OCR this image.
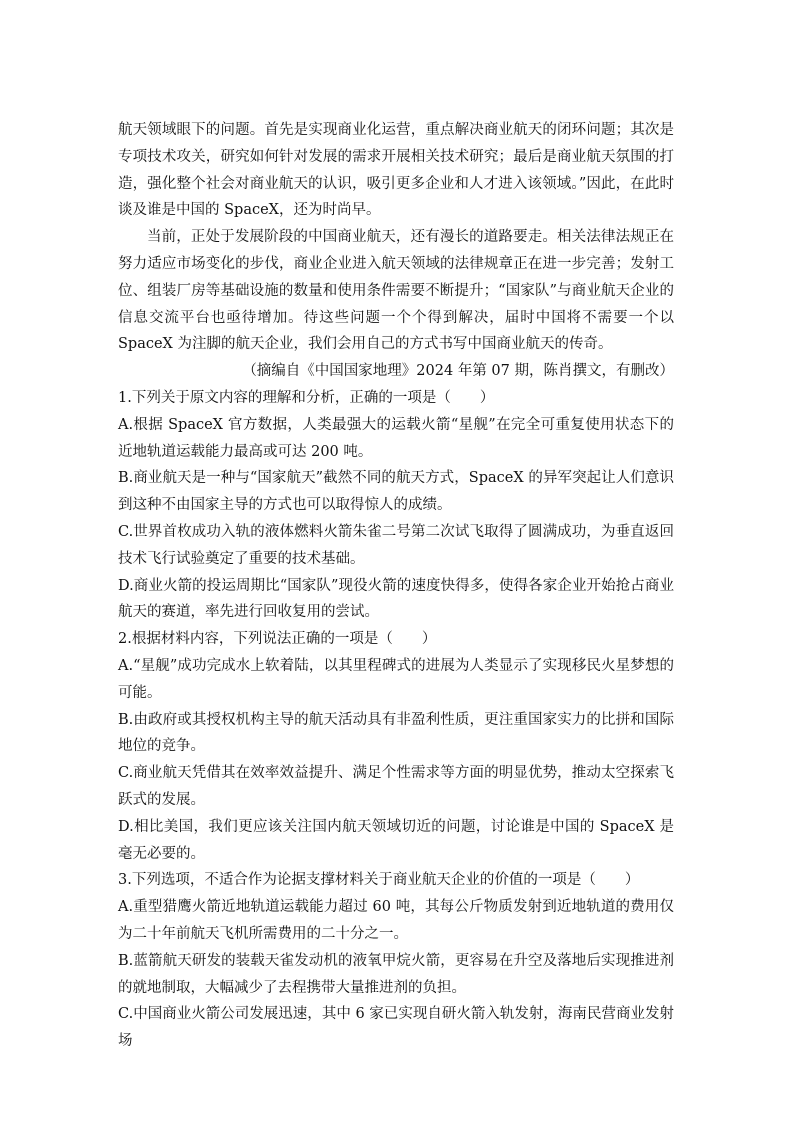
航天领域眼下的问题。首先是实现商业化运营，重点解决商业航天的闭环问题；其次是专项技术攻关，研究如何针对发展的需求开展相关技术研究；最后是商业航天氛围的打造，强化整个社会对商业航天的认识，吸引更多企业和人才进入该领域。”因此，在此时谈及谁是中国的 SpaceX，还为时尚早。

当前，正处于发展阶段的中国商业航天，还有漫长的道路要走。相关法律法规正在努力适应市场变化的步伐，商业企业进入航天领域的法律规章正在进一步完善；发射工位、组装厂房等基础设施的数量和使用条件需要不断提升；“国家队”与商业航天企业的信息交流平台也亟待增加。待这些问题一个个得到解决，届时中国将不需要一个以 SpaceX 为注脚的航天企业，我们会用自己的方式书写中国商业航天的传奇。

（摘编自《中国国家地理》2024 年第 07 期，陈肖撰文，有删改）

1.下列关于原文内容的理解和分析，正确的一项是（　　）

A.根据 SpaceX 官方数据，人类最强大的运载火箭“星舰”在完全可重复使用状态下的近地轨道运载能力最高或可达 200 吨。

B.商业航天是一种与“国家航天”截然不同的航天方式，SpaceX 的异军突起让人们意识到这种不由国家主导的方式也可以取得惊人的成绩。

C.世界首枚成功入轨的液体燃料火箭朱雀二号第二次试飞取得了圆满成功，为垂直返回技术飞行试验奠定了重要的技术基础。

D.商业火箭的投运周期比“国家队”现役火箭的速度快得多，使得各家企业开始抢占商业航天的赛道，率先进行回收复用的尝试。

2.根据材料内容，下列说法正确的一项是（　　）

A.“星舰”成功完成水上软着陆，以其里程碑式的进展为人类显示了实现移民火星梦想的可能。

B.由政府或其授权机构主导的航天活动具有非盈利性质，更注重国家实力的比拼和国际地位的竞争。

C.商业航天凭借其在效率效益提升、满足个性需求等方面的明显优势，推动太空探索飞跃式的发展。

D.相比美国，我们更应该关注国内航天领域切近的问题，讨论谁是中国的 SpaceX 是毫无必要的。

3.下列选项，不适合作为论据支撑材料关于商业航天企业的价值的一项是（　　）

A.重型猎鹰火箭近地轨道运载能力超过 60 吨，其每公斤物质发射到近地轨道的费用仅为二十年前航天飞机所需费用的二十分之一。

B.蓝箭航天研发的装载天雀发动机的液氧甲烷火箭，更容易在升空及落地后实现推进剂的就地制取，大幅减少了去程携带大量推进剂的负担。

C.中国商业火箭公司发展迅速，其中 6 家已实现自研火箭入轨发射，海南民营商业发射场
